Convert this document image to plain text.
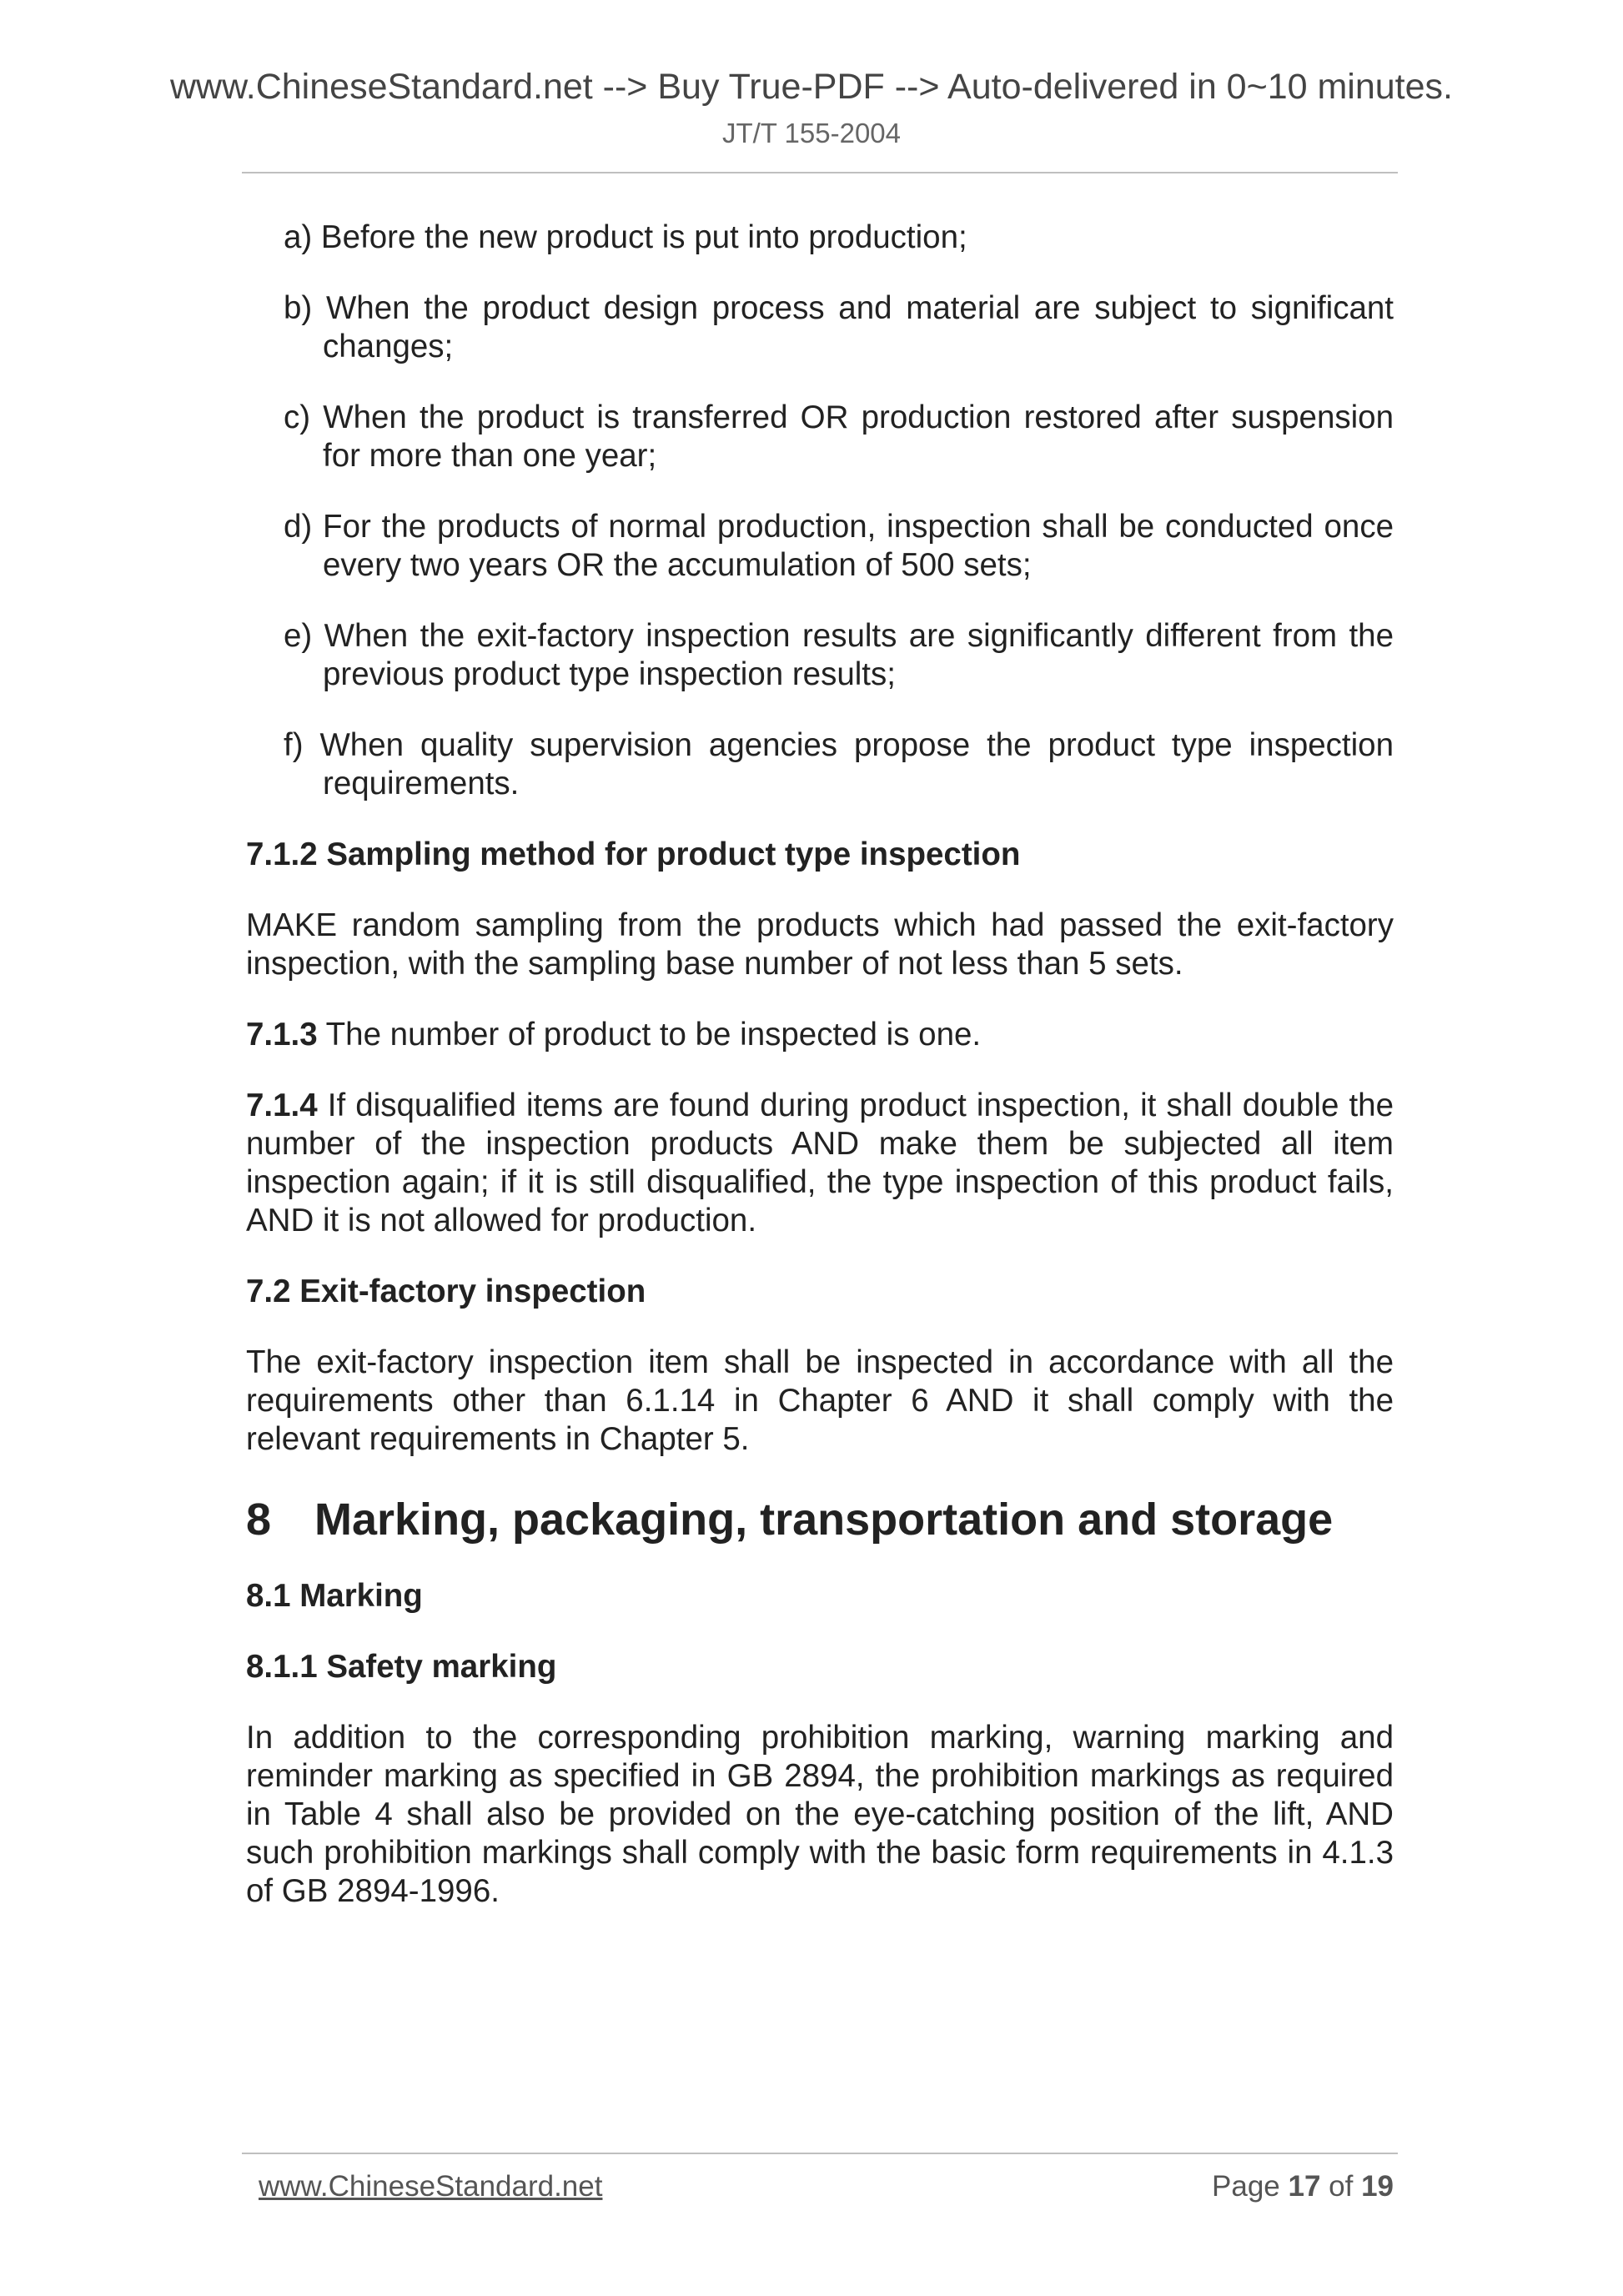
www.ChineseStandard.net --> Buy True-PDF --> Auto-delivered in 0~10 minutes.
JT/T 155-2004

a) Before the new product is put into production;

b) When the product design process and material are subject to significant changes;

c) When the product is transferred OR production restored after suspension for more than one year;

d) For the products of normal production, inspection shall be conducted once every two years OR the accumulation of 500 sets;

e) When the exit-factory inspection results are significantly different from the previous product type inspection results;

f) When quality supervision agencies propose the product type inspection requirements.

7.1.2 Sampling method for product type inspection

MAKE random sampling from the products which had passed the exit-factory inspection, with the sampling base number of not less than 5 sets.

7.1.3 The number of product to be inspected is one.

7.1.4 If disqualified items are found during product inspection, it shall double the number of the inspection products AND make them be subjected all item inspection again; if it is still disqualified, the type inspection of this product fails, AND it is not allowed for production.

7.2 Exit-factory inspection

The exit-factory inspection item shall be inspected in accordance with all the requirements other than 6.1.14 in Chapter 6 AND it shall comply with the relevant requirements in Chapter 5.

8 Marking, packaging, transportation and storage

8.1 Marking

8.1.1 Safety marking

In addition to the corresponding prohibition marking, warning marking and reminder marking as specified in GB 2894, the prohibition markings as required in Table 4 shall also be provided on the eye-catching position of the lift, AND such prohibition markings shall comply with the basic form requirements in 4.1.3 of GB 2894-1996.

www.ChineseStandard.net	Page 17 of 19
